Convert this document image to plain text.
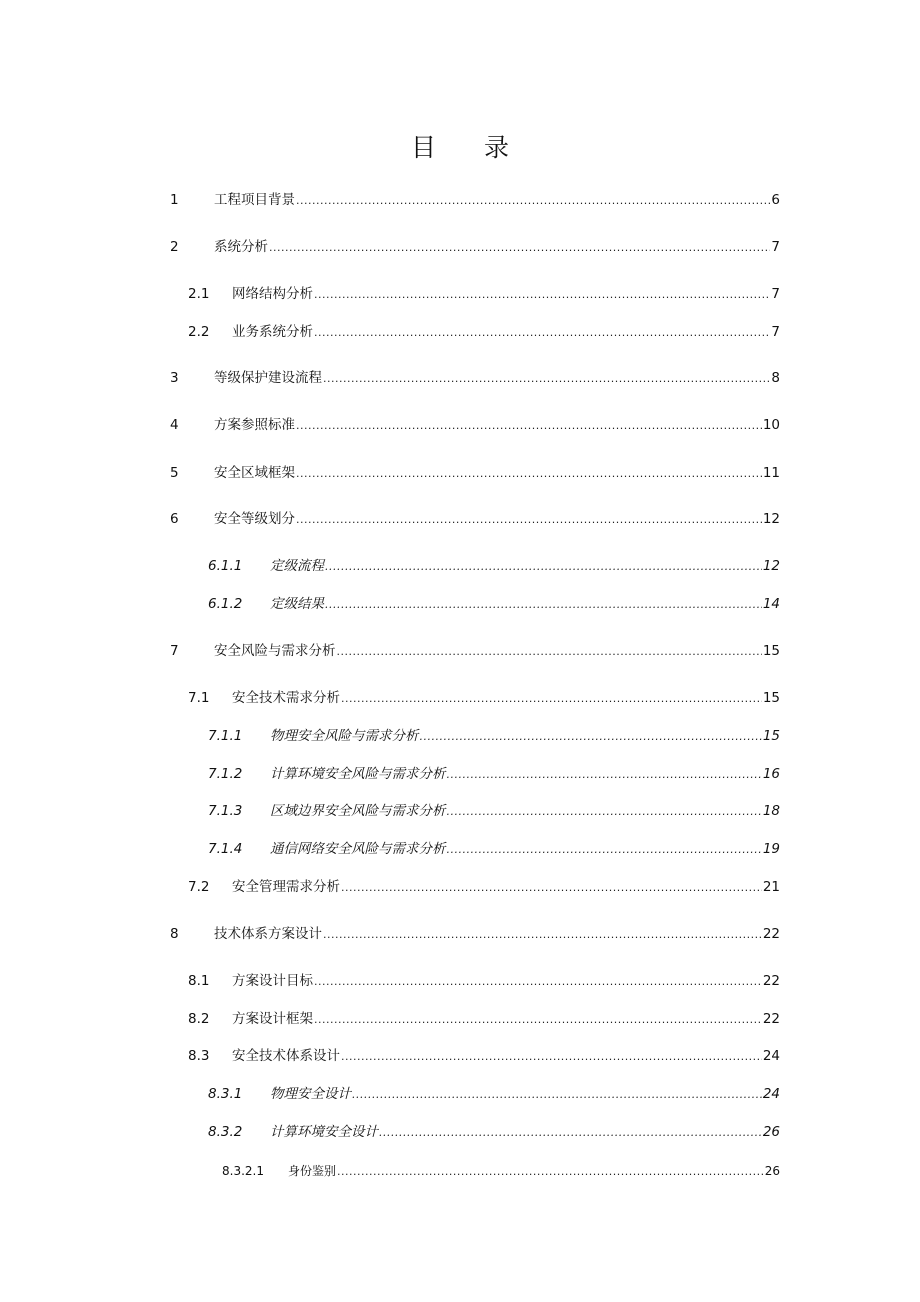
目 录
1	工程项目背景 .....	6
2	系统分析 .....	7
2.1	网络结构分析 .....	7
2.2	业务系统分析 .....	7
3	等级保护建设流程 .....	8
4	方案参照标准 .....	10
5	安全区域框架 .....	11
6	安全等级划分 .....	12
6.1.1	定级流程 .....	12
6.1.2	定级结果 .....	14
7	安全风险与需求分析 .....	15
7.1	安全技术需求分析 .....	15
7.1.1	物理安全风险与需求分析 .....	15
7.1.2	计算环境安全风险与需求分析 .....	16
7.1.3	区域边界安全风险与需求分析 .....	18
7.1.4	通信网络安全风险与需求分析 .....	19
7.2	安全管理需求分析 .....	21
8	技术体系方案设计 .....	22
8.1	方案设计目标 .....	22
8.2	方案设计框架 .....	22
8.3	安全技术体系设计 .....	24
8.3.1	物理安全设计 .....	24
8.3.2	计算环境安全设计 .....	26
8.3.2.1	身份鉴别 .....	26
